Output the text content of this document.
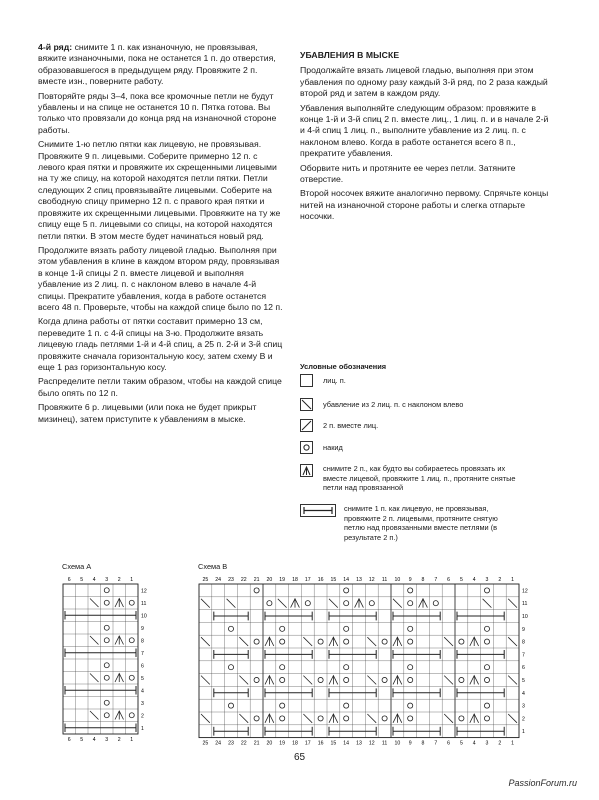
4-й ряд: снимите 1 п. как изнаночную, не провязывая, вяжите изнаночными, пока не останется 1 п. до отверстия, образовавшегося в предыдущем ряду. Провяжите 2 п. вместе изн., поверните работу.

Повторяйте ряды 3–4, пока все кромочные петли не будут убавлены и на спице не останется 10 п. Пятка готова. Вы только что провязали до конца ряд на изнаночной стороне работы.

Снимите 1-ю петлю пятки как лицевую, не провязывая. Провяжите 9 п. лицевыми. Соберите примерно 12 п. с левого края пятки и провяжите их скрещенными лицевыми на ту же спицу, на которой находятся петли пятки. Петли следующих 2 спиц провязывайте лицевыми. Соберите на свободную спицу примерно 12 п. с правого края пятки и провяжите их скрещенными лицевыми. Провяжите на ту же спицу еще 5 п. лицевыми со спицы, на которой находятся петли пятки. В этом месте будет начинаться новый ряд.

Продолжите вязать работу лицевой гладью. Выполняя при этом убавления в клине в каждом втором ряду, провязывая в конце 1-й спицы 2 п. вместе лицевой и выполняя убавление из 2 лиц. п. с наклоном влево в начале 4-й спицы. Прекратите убавления, когда в работе останется всего 48 п. Проверьте, чтобы на каждой спице было по 12 п.

Когда длина работы от пятки составит примерно 13 см, переведите 1 п. с 4-й спицы на 3-ю. Продолжите вязать лицевую гладь петлями 1-й и 4-й спиц, а 25 п. 2-й и 3-й спиц провяжите сначала горизонтальную косу, затем схему В и еще 1 раз горизонтальную косу.

Распределите петли таким образом, чтобы на каждой спице было опять по 12 п.

Провяжите 6 р. лицевыми (или пока не будет прикрыт мизинец), затем приступите к убавлениям в мыске.

УБАВЛЕНИЯ В МЫСКЕ

Продолжайте вязать лицевой гладью, выполняя при этом убавления по одному разу каждый 3-й ряд, по 2 раза каждый второй ряд и затем в каждом ряду.

Убавления выполняйте следующим образом: провяжите в конце 1-й и 3-й спиц 2 п. вместе лиц., 1 лиц. п. и в начале 2-й и 4-й спиц 1 лиц. п., выполните убавление из 2 лиц. п. с наклоном влево. Когда в работе останется всего 8 п., прекратите убавления.

Оборвите нить и протяните ее через петли. Затяните отверстие.

Второй носочек вяжите аналогично первому. Спрячьте концы нитей на изнаночной стороне работы и слегка отпарьте носочки.

Условные обозначения
лиц. п.
убавление из 2 лиц. п. с наклоном влево
2 п. вместе лиц.
накид
снимите 2 п., как будто вы собираетесь провязать их вместе лицевой, провяжите 1 лиц. п., протяните снятые петли над провязанной
снимите 1 п. как лицевую, не провязывая, провяжите 2 п. лицевыми, протяните снятую петлю над провязанными вместе петлями (в результате 2 п.)
Схема А	Схема В
6
6
5
5
4
4
3
3
2
2
1
1
12
11
10
9
8
7
6
5
4
3
2
1
25
25
24
24
23
23
22
22
21
21
20
20
19
19
18
18
17
17
16
16
15
15
14
14
13
13
12
12
11
11
10
10
9
9
8
8
7
7
6
6
5
5
4
4
3
3
2
2
1
1
12
11
10
9
8
7
6
5
4
3
2
1
65
PassionForum.ru
